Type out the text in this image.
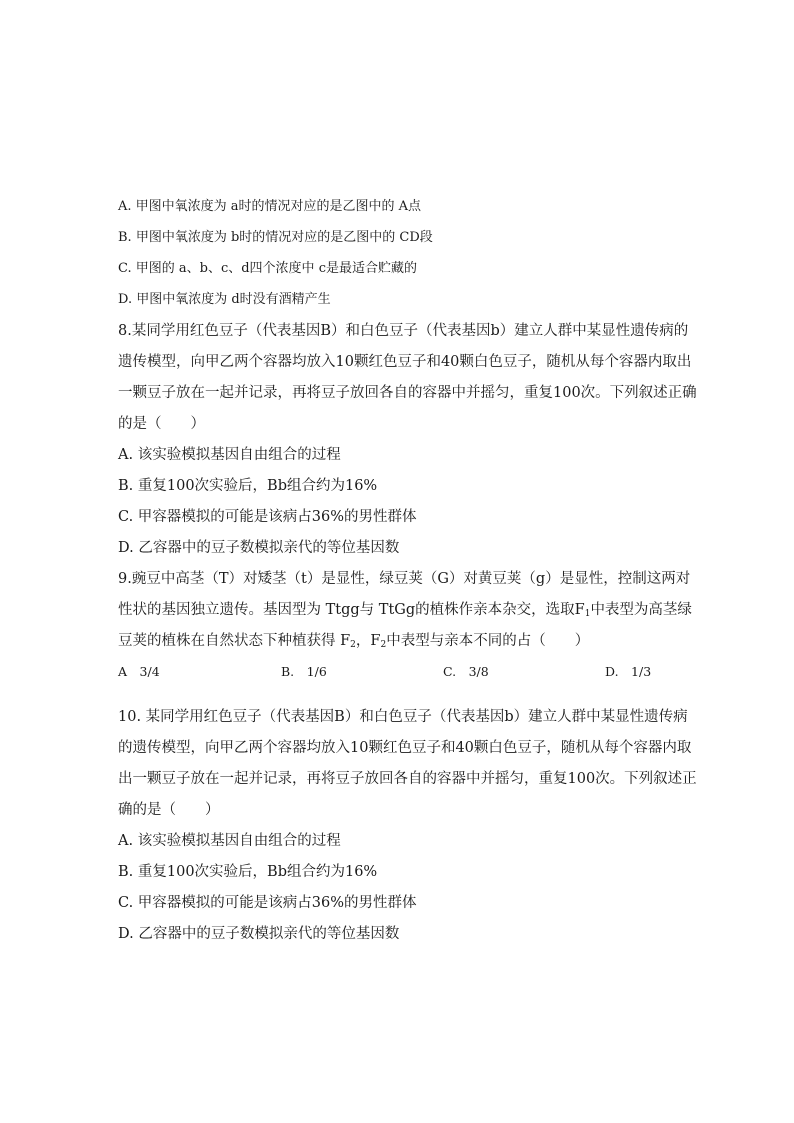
A. 甲图中氧浓度为 a时的情况对应的是乙图中的 A点
B. 甲图中氧浓度为 b时的情况对应的是乙图中的 CD段
C. 甲图的 a、b、c、d四个浓度中 c是最适合贮藏的
D. 甲图中氧浓度为 d时没有酒精产生
8.某同学用红色豆子（代表基因B）和白色豆子（代表基因b）建立人群中某显性遗传病的
遗传模型，向甲乙两个容器均放入10颗红色豆子和40颗白色豆子，随机从每个容器内取出
一颗豆子放在一起并记录，再将豆子放回各自的容器中并摇匀，重复100次。下列叙述正确
的是（　　）
A. 该实验模拟基因自由组合的过程
B. 重复100次实验后，Bb组合约为16%
C. 甲容器模拟的可能是该病占36%的男性群体
D. 乙容器中的豆子数模拟亲代的等位基因数
9.豌豆中高茎（T）对矮茎（t）是显性，绿豆荚（G）对黄豆荚（g）是显性，控制这两对
性状的基因独立遗传。基因型为 Ttgg与 TtGg的植株作亲本杂交，选取$F_1$中表型为高茎绿
豆荚的植株在自然状态下种植获得 $F_2$，$F_2$中表型与亲本不同的占（　　）
A　3/4	B.　1/6	C.　3/8	D.　1/3
10. 某同学用红色豆子（代表基因B）和白色豆子（代表基因b）建立人群中某显性遗传病
的遗传模型，向甲乙两个容器均放入10颗红色豆子和40颗白色豆子，随机从每个容器内取
出一颗豆子放在一起并记录，再将豆子放回各自的容器中并摇匀，重复100次。下列叙述正
确的是（　　）
A. 该实验模拟基因自由组合的过程
B. 重复100次实验后，Bb组合约为16%
C. 甲容器模拟的可能是该病占36%的男性群体
D. 乙容器中的豆子数模拟亲代的等位基因数
